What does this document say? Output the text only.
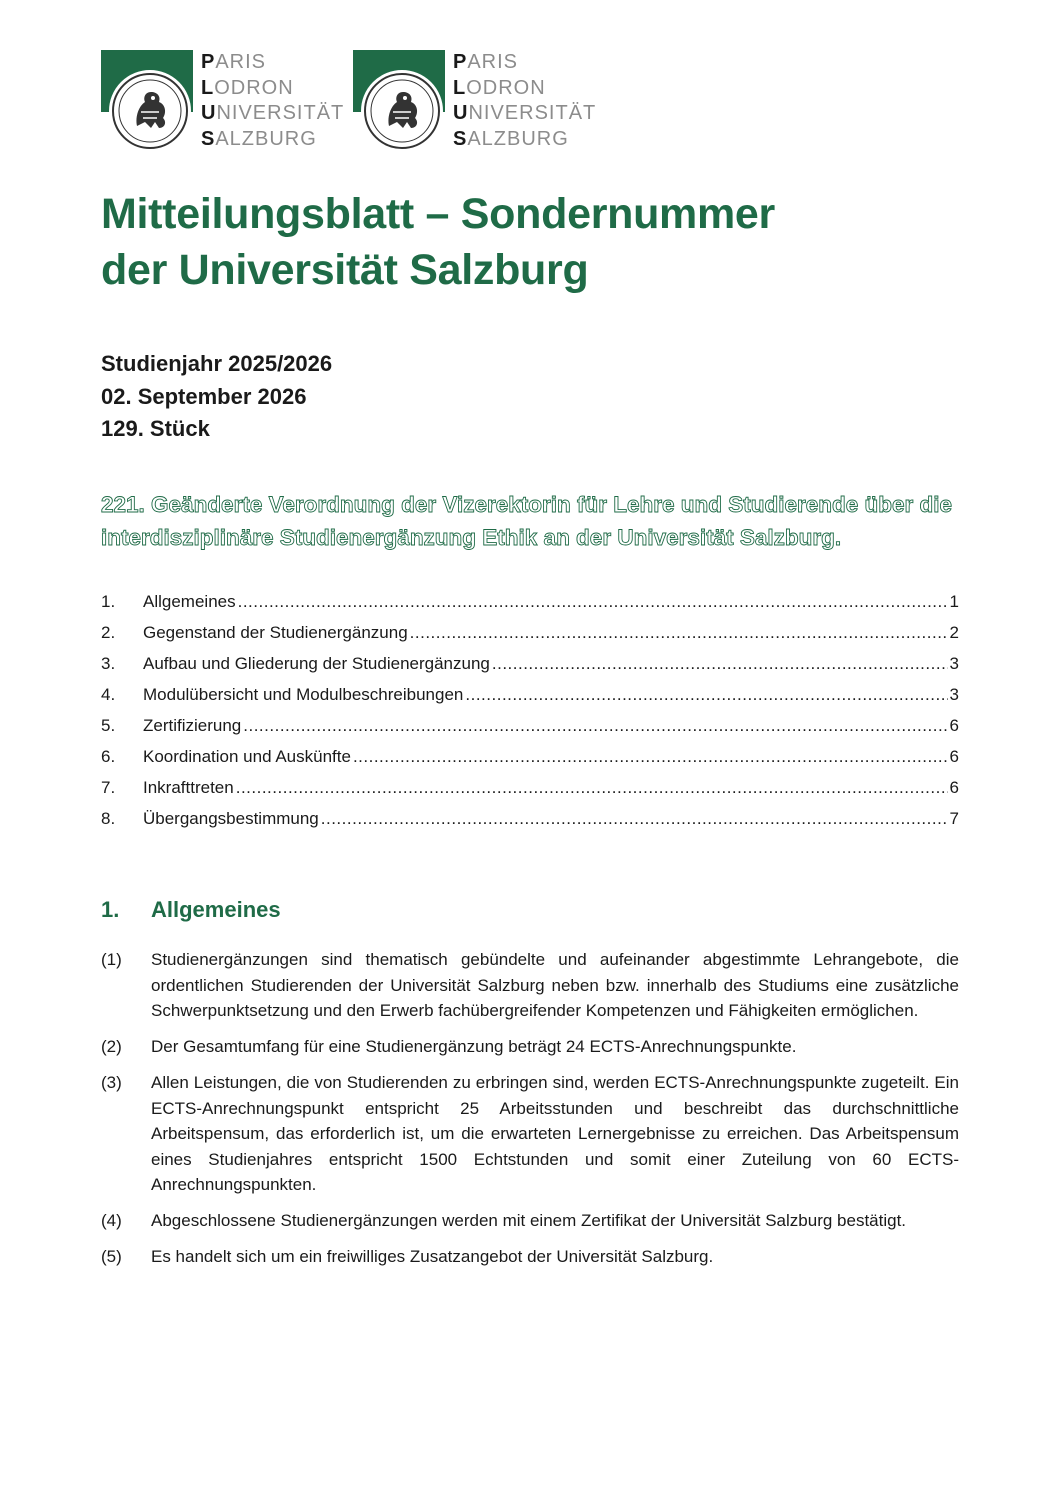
PARIS
LODRON
UNIVERSITÄT
SALZBURG
PARIS
LODRON
UNIVERSITÄT
SALZBURG
Mitteilungsblatt – Sondernummer
der Universität Salzburg
Studienjahr 2025/2026
02. September 2026
129. Stück
221. Geänderte Verordnung der Vizerektorin für Lehre und Studierende über die interdisziplinäre Studienergänzung Ethik an der Universität Salzburg.
1.	Allgemeines .....	1
2.	Gegenstand der Studienergänzung .....	2
3.	Aufbau und Gliederung der Studienergänzung .....	3
4.	Modulübersicht und Modulbeschreibungen .....	3
5.	Zertifizierung .....	6
6.	Koordination und Auskünfte .....	6
7.	Inkrafttreten .....	6
8.	Übergangsbestimmung .....	7
1.	Allgemeines
(1)	Studienergänzungen sind thematisch gebündelte und aufeinander abgestimmte Lehrangebote, die ordentlichen Studierenden der Universität Salzburg neben bzw. innerhalb des Studiums eine zusätzliche Schwerpunktsetzung und den Erwerb fachübergreifender Kompetenzen und Fähigkeiten ermöglichen.
(2)	Der Gesamtumfang für eine Studienergänzung beträgt 24 ECTS-Anrechnungspunkte.
(3)	Allen Leistungen, die von Studierenden zu erbringen sind, werden ECTS-Anrechnungspunkte zugeteilt. Ein ECTS-Anrechnungspunkt entspricht 25 Arbeitsstunden und beschreibt das durchschnittliche Arbeitspensum, das erforderlich ist, um die erwarteten Lernergebnisse zu erreichen. Das Arbeitspensum eines Studienjahres entspricht 1500 Echtstunden und somit einer Zuteilung von 60 ECTS-Anrechnungspunkten.
(4)	Abgeschlossene Studienergänzungen werden mit einem Zertifikat der Universität Salzburg bestätigt.
(5)	Es handelt sich um ein freiwilliges Zusatzangebot der Universität Salzburg.
